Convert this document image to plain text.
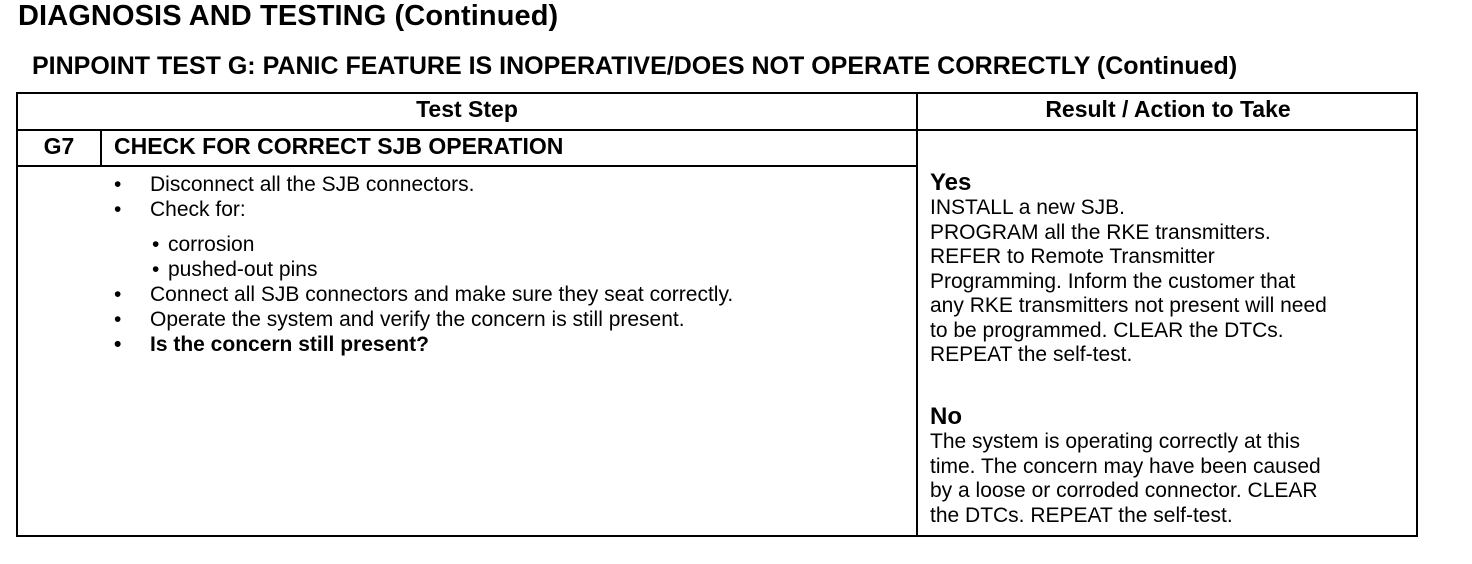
DIAGNOSIS AND TESTING (Continued)
PINPOINT TEST G: PANIC FEATURE IS INOPERATIVE/DOES NOT OPERATE CORRECTLY (Continued)
Test Step	Result / Action to Take
G7	CHECK FOR CORRECT SJB OPERATION
• Disconnect all the SJB connectors.
• Check for:
• corrosion
• pushed-out pins
• Connect all SJB connectors and make sure they seat correctly.
• Operate the system and verify the concern is still present.
• Is the concern still present?
Yes
INSTALL a new SJB.
PROGRAM all the RKE transmitters.
REFER to Remote Transmitter
Programming. Inform the customer that
any RKE transmitters not present will need
to be programmed. CLEAR the DTCs.
REPEAT the self-test.
No
The system is operating correctly at this
time. The concern may have been caused
by a loose or corroded connector. CLEAR
the DTCs. REPEAT the self-test.
